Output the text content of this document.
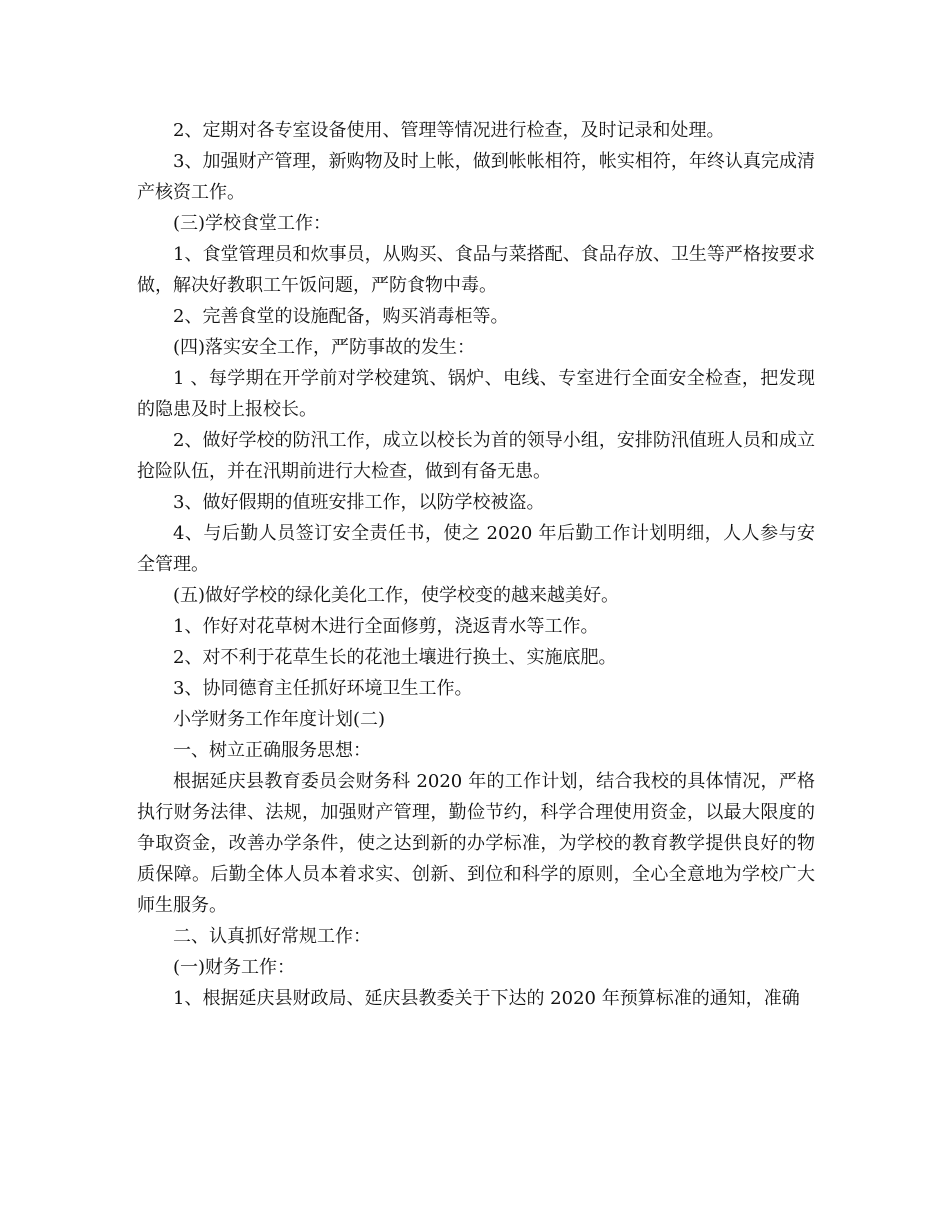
2、定期对各专室设备使用、管理等情况进行检查，及时记录和处理。

3、加强财产管理，新购物及时上帐，做到帐帐相符，帐实相符，年终认真完成清产核资工作。

(三)学校食堂工作：

1、食堂管理员和炊事员，从购买、食品与菜搭配、食品存放、卫生等严格按要求做，解决好教职工午饭问题，严防食物中毒。

2、完善食堂的设施配备，购买消毒柜等。

(四)落实安全工作，严防事故的发生：

1 、每学期在开学前对学校建筑、锅炉、电线、专室进行全面安全检查，把发现的隐患及时上报校长。

2、做好学校的防汛工作，成立以校长为首的领导小组，安排防汛值班人员和成立抢险队伍，并在汛期前进行大检查，做到有备无患。

3、做好假期的值班安排工作，以防学校被盗。

4、与后勤人员签订安全责任书，使之 2020 年后勤工作计划明细，人人参与安全管理。

(五)做好学校的绿化美化工作，使学校变的越来越美好。

1、作好对花草树木进行全面修剪，浇返青水等工作。

2、对不利于花草生长的花池土壤进行换土、实施底肥。

3、协同德育主任抓好环境卫生工作。

小学财务工作年度计划(二)

一、树立正确服务思想：

根据延庆县教育委员会财务科 2020 年的工作计划，结合我校的具体情况，严格执行财务法律、法规，加强财产管理，勤俭节约，科学合理使用资金，以最大限度的争取资金，改善办学条件，使之达到新的办学标准，为学校的教育教学提供良好的物质保障。后勤全体人员本着求实、创新、到位和科学的原则，全心全意地为学校广大师生服务。

二、认真抓好常规工作：

(一)财务工作：

1、根据延庆县财政局、延庆县教委关于下达的 2020 年预算标准的通知，准确
